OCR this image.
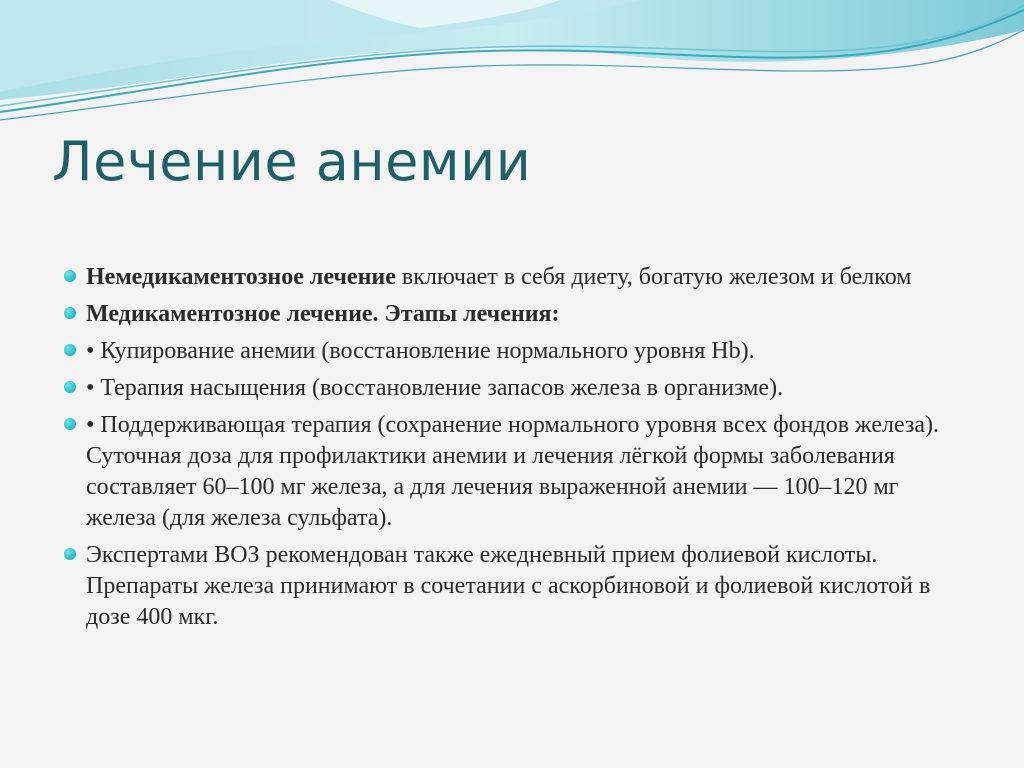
Лечение анемии
Немедикаментозное лечение включает в себя диету, богатую железом и белком
Медикаментозное лечение. Этапы лечения:
• Купирование анемии (восстановление нормального уровня Hb).
• Терапия насыщения (восстановление запасов железа в организме).
• Поддерживающая терапия (сохранение нормального уровня всех фондов железа). Суточная доза для профилактики анемии и лечения лёгкой формы заболевания составляет 60–100 мг железа, а для лечения выраженной анемии — 100–120 мг железа (для железа сульфата).
Экспертами ВОЗ рекомендован также ежедневный прием фолиевой кислоты. Препараты железа принимают в сочетании с аскорбиновой и фолиевой кислотой в дозе 400 мкг.
